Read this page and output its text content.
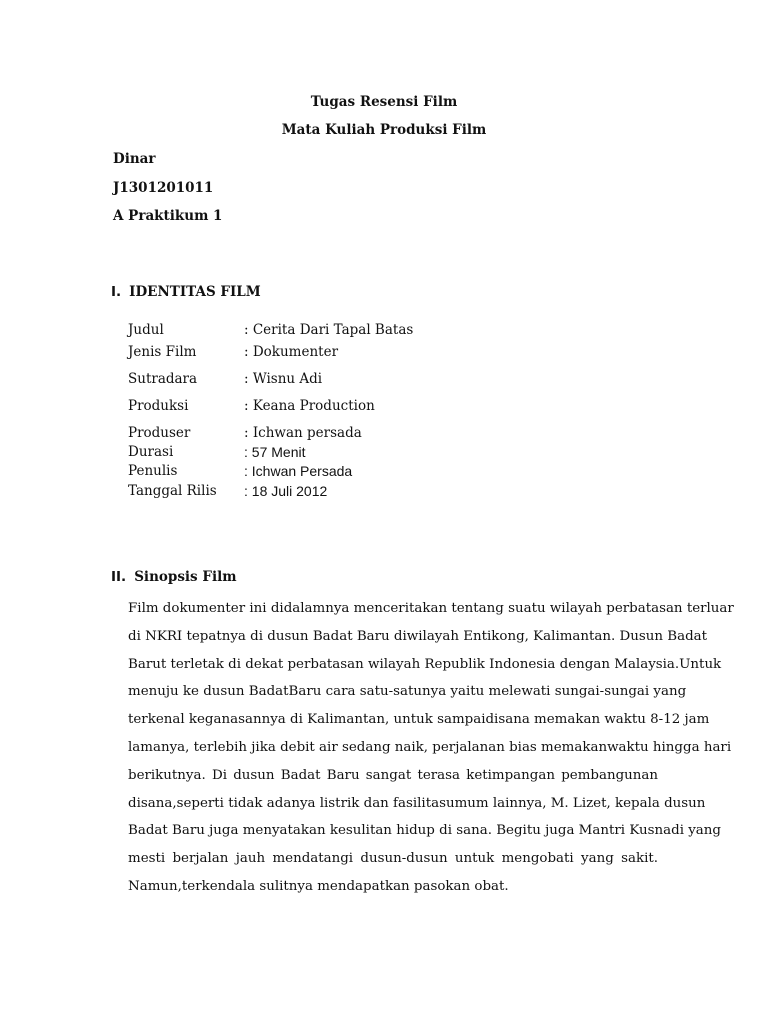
Tugas Resensi Film
Mata Kuliah Produksi Film
Dinar
J1301201011
A Praktikum 1
I. IDENTITAS FILM
Judul	: Cerita Dari Tapal Batas
Jenis Film	: Dokumenter
Sutradara	: Wisnu Adi
Produksi	: Keana Production
Produser	: Ichwan persada
Durasi	: 57 Menit
Penulis	: Ichwan Persada
Tanggal Rilis : 18 Juli 2012
II. Sinopsis Film
Film dokumenter ini didalamnya menceritakan tentang suatu wilayah perbatasan terluar
di NKRI tepatnya di dusun Badat Baru diwilayah Entikong, Kalimantan. Dusun Badat
Barut terletak di dekat perbatasan wilayah Republik Indonesia dengan Malaysia.Untuk
menuju ke dusun BadatBaru cara satu-satunya yaitu melewati sungai-sungai yang
terkenal keganasannya di Kalimantan, untuk sampaidisana memakan waktu 8-12 jam
lamanya, terlebih jika debit air sedang naik, perjalanan bias memakanwaktu hingga hari
berikutnya. Di dusun Badat Baru sangat terasa ketimpangan pembangunan
disana,seperti tidak adanya listrik dan fasilitasumum lainnya, M. Lizet, kepala dusun
Badat Baru juga menyatakan kesulitan hidup di sana. Begitu juga Mantri Kusnadi yang
mesti berjalan jauh mendatangi dusun-dusun untuk mengobati yang sakit.
Namun,terkendala sulitnya mendapatkan pasokan obat.
